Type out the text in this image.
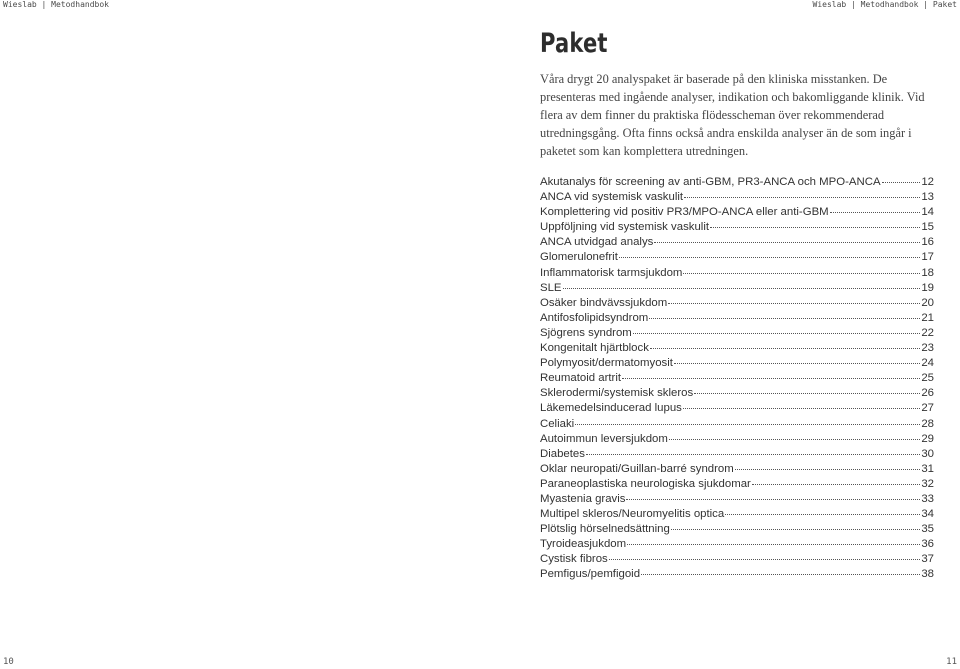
Wieslab | Metodhandbok	Wieslab | Metodhandbok | Paket
Paket

Våra drygt 20 analyspaket är baserade på den kliniska misstanken. De presenteras med ingående analyser, indikation och bakomliggande klinik. Vid flera av dem finner du praktiska flödesscheman över rekommenderad utredningsgång. Ofta finns också andra enskilda analyser än de som ingår i paketet som kan komplettera utredningen.

Akutanalys för screening av anti-GBM, PR3-ANCA och MPO-ANCA	12
ANCA vid systemisk vaskulit	13
Komplettering vid positiv PR3/MPO-ANCA eller anti-GBM	14
Uppföljning vid systemisk vaskulit	15
ANCA utvidgad analys	16
Glomerulonefrit	17
Inflammatorisk tarmsjukdom	18
SLE	19
Osäker bindvävssjukdom	20
Antifosfolipidsyndrom	21
Sjögrens syndrom	22
Kongenitalt hjärtblock	23
Polymyosit/dermatomyosit	24
Reumatoid artrit	25
Sklerodermi/systemisk skleros	26
Läkemedelsinducerad lupus	27
Celiaki	28
Autoimmun leversjukdom	29
Diabetes	30
Oklar neuropati/Guillan-barré syndrom	31
Paraneoplastiska neurologiska sjukdomar	32
Myastenia gravis	33
Multipel skleros/Neuromyelitis optica	34
Plötslig hörselnedsättning	35
Tyroideasjukdom	36
Cystisk fibros	37
Pemfigus/pemfigoid	38
10	11
